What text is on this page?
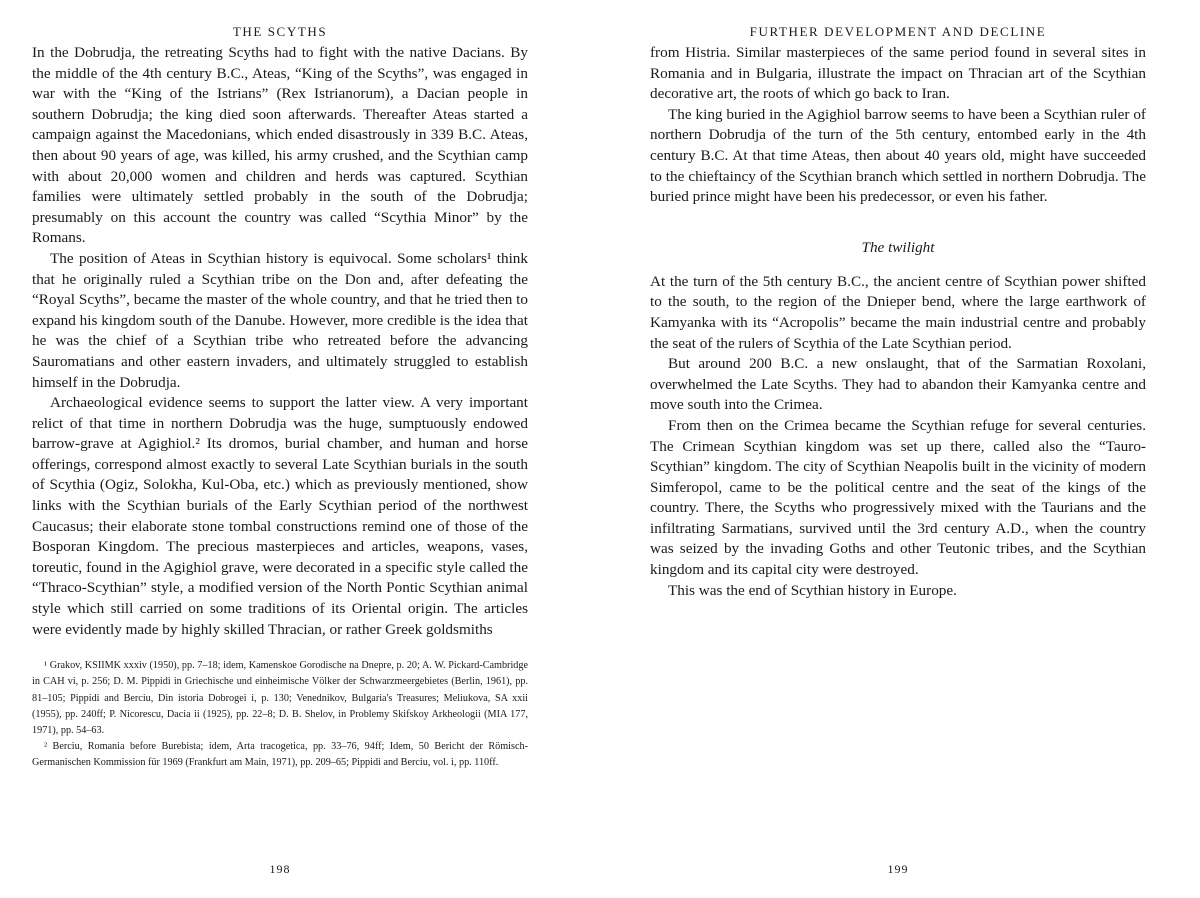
THE SCYTHS

In the Dobrudja, the retreating Scyths had to fight with the native Dacians. By the middle of the 4th century B.C., Ateas, “King of the Scyths”, was engaged in war with the “King of the Istrians” (Rex Istrianorum), a Dacian people in southern Dobrudja; the king died soon afterwards. Thereafter Ateas started a campaign against the Macedonians, which ended disastrously in 339 B.C. Ateas, then about 90 years of age, was killed, his army crushed, and the Scythian camp with about 20,000 women and children and herds was captured. Scythian families were ultimately settled probably in the south of the Dobrudja; presumably on this account the country was called “Scythia Minor” by the Romans.

The position of Ateas in Scythian history is equivocal. Some scholars¹ think that he originally ruled a Scythian tribe on the Don and, after defeating the “Royal Scyths”, became the master of the whole country, and that he tried then to expand his kingdom south of the Danube. However, more credible is the idea that he was the chief of a Scythian tribe who retreated before the advancing Sauromatians and other eastern invaders, and ultimately struggled to establish himself in the Dobrudja.

Archaeological evidence seems to support the latter view. A very important relict of that time in northern Dobrudja was the huge, sumptuously endowed barrow-grave at Agighiol.² Its dromos, burial chamber, and human and horse offerings, correspond almost exactly to several Late Scythian burials in the south of Scythia (Ogiz, Solokha, Kul-Oba, etc.) which as previously mentioned, show links with the Scythian burials of the Early Scythian period of the northwest Caucasus; their elaborate stone tombal constructions remind one of those of the Bosporan Kingdom. The precious masterpieces and articles, weapons, vases, toreutic, found in the Agighiol grave, were decorated in a specific style called the “Thraco-Scythian” style, a modified version of the North Pontic Scythian animal style which still carried on some traditions of its Oriental origin. The articles were evidently made by highly skilled Thracian, or rather Greek goldsmiths

¹ Grakov, KSIIMK xxxiv (1950), pp. 7–18; idem, Kamenskoe Gorodische na Dnepre, p. 20; A. W. Pickard-Cambridge in CAH vi, p. 256; D. M. Pippidi in Griechische und einheimische Völker der Schwarzmeergebietes (Berlin, 1961), pp. 81–105; Pippidi and Berciu, Din istoria Dobrogei i, p. 130; Venednikov, Bulgaria's Treasures; Meliukova, SA xxii (1955), pp. 240ff; P. Nicorescu, Dacia ii (1925), pp. 22–8; D. B. Shelov, in Problemy Skifskoy Arkheologii (MIA 177, 1971), pp. 54–63.

² Berciu, Romania before Burebista; idem, Arta tracogetica, pp. 33–76, 94ff; Idem, 50 Bericht der Römisch-Germanischen Kommission für 1969 (Frankfurt am Main, 1971), pp. 209–65; Pippidi and Berciu, vol. i, pp. 110ff.

198
FURTHER DEVELOPMENT AND DECLINE

from Histria. Similar masterpieces of the same period found in several sites in Romania and in Bulgaria, illustrate the impact on Thracian art of the Scythian decorative art, the roots of which go back to Iran.

The king buried in the Agighiol barrow seems to have been a Scythian ruler of northern Dobrudja of the turn of the 5th century, entombed early in the 4th century B.C. At that time Ateas, then about 40 years old, might have succeeded to the chieftaincy of the Scythian branch which settled in northern Dobrudja. The buried prince might have been his predecessor, or even his father.

The twilight

At the turn of the 5th century B.C., the ancient centre of Scythian power shifted to the south, to the region of the Dnieper bend, where the large earthwork of Kamyanka with its “Acropolis” became the main industrial centre and probably the seat of the rulers of Scythia of the Late Scythian period.

But around 200 B.C. a new onslaught, that of the Sarmatian Roxolani, overwhelmed the Late Scyths. They had to abandon their Kamyanka centre and move south into the Crimea.

From then on the Crimea became the Scythian refuge for several centuries. The Crimean Scythian kingdom was set up there, called also the “Tauro-Scythian” kingdom. The city of Scythian Neapolis built in the vicinity of modern Simferopol, came to be the political centre and the seat of the kings of the country. There, the Scyths who progressively mixed with the Taurians and the infiltrating Sarmatians, survived until the 3rd century A.D., when the country was seized by the invading Goths and other Teutonic tribes, and the Scythian kingdom and its capital city were destroyed.

This was the end of Scythian history in Europe.

199
